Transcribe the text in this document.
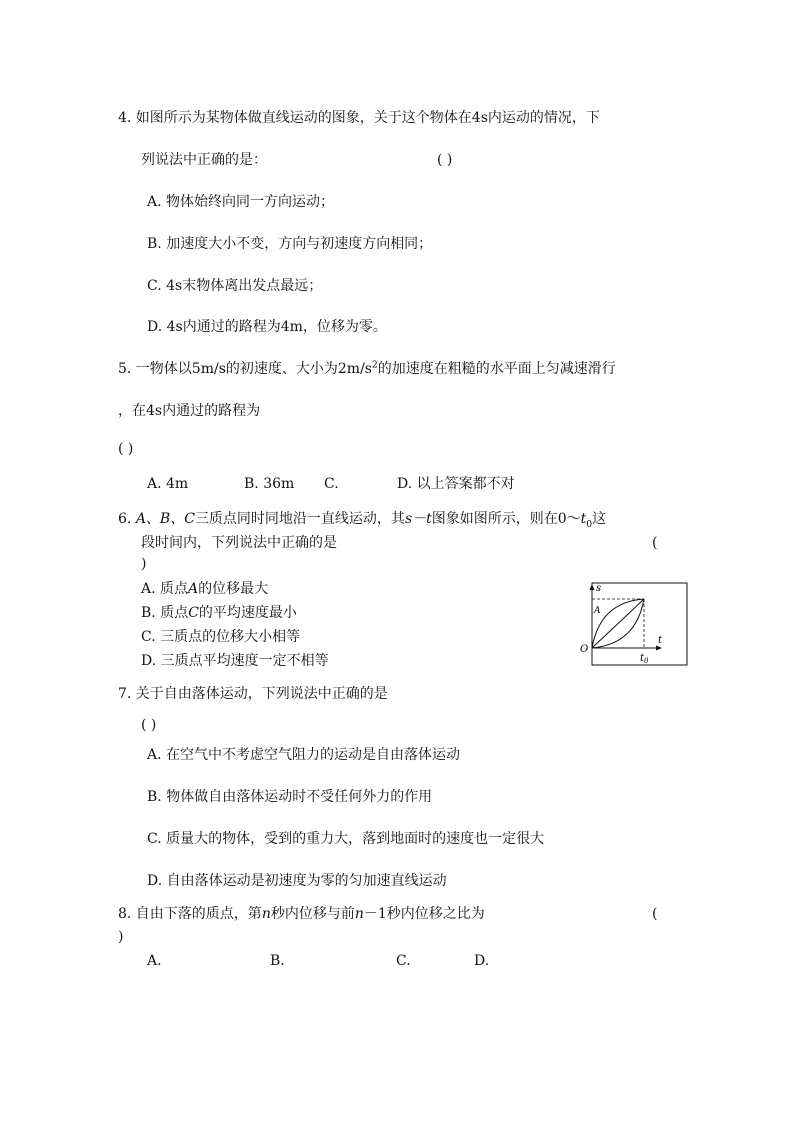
4. 如图所示为某物体做直线运动的图象，关于这个物体在4s内运动的情况，下
列说法中正确的是：	( )
A. 物体始终向同一方向运动；
B. 加速度大小不变，方向与初速度方向相同；
C. 4s末物体离出发点最远；
D. 4s内通过的路程为4m，位移为零。
5. 一物体以5m/s的初速度、大小为$2m/s^2$的加速度在粗糙的水平面上匀减速滑行
，在4s内通过的路程为
( )
A. 4m	B. 36m C.	D. 以上答案都不对
6. A、B、C三质点同时同地沿一直线运动，其s－t图象如图所示，则在$0\sim t_0$这
段时间内，下列说法中正确的是	(
)
A. 质点A的位移最大
B. 质点C的平均速度最小
C. 三质点的位移大小相等
D. 三质点平均速度一定不相等
s
t
O
A
$t_0$
7. 关于自由落体运动，下列说法中正确的是
( )
A. 在空气中不考虑空气阻力的运动是自由落体运动
B. 物体做自由落体运动时不受任何外力的作用
C. 质量大的物体，受到的重力大，落到地面时的速度也一定很大
D. 自由落体运动是初速度为零的匀加速直线运动
8. 自由下落的质点，第n秒内位移与前n－1秒内位移之比为	(
)
A.	B.	C.	D.
